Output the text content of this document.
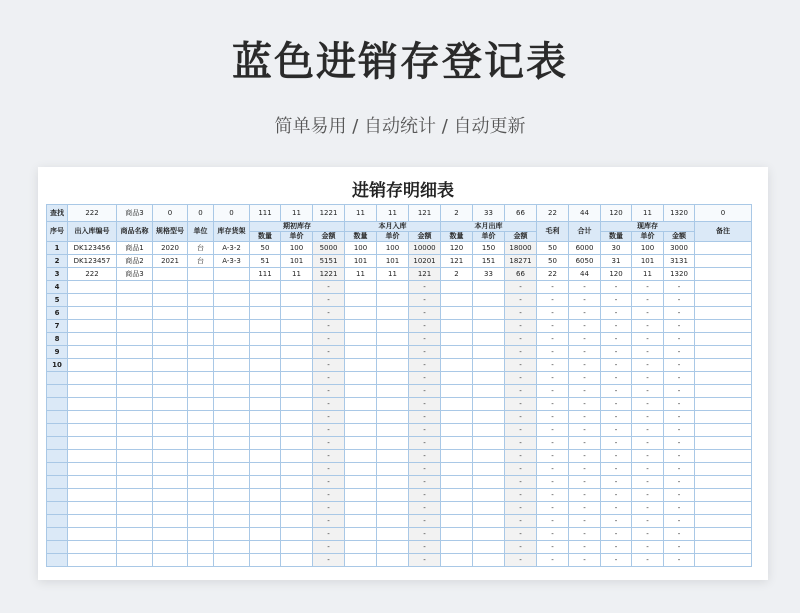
蓝色进销存登记表
简单易用 / 自动统计 / 自动更新
进销存明细表
查找	222	商品3	0	0	0	111	11	1221	11	11	121	2	33	66	22	44	120	11	1320	0
序号	出入库编号	商品名称	规格型号	单位	库存货架	期初库存			本月入库			本月出库			毛利	合计	现库存			备注
						数量	单价	金额	数量	单价	金额	数量	单价	金额			数量	单价	金额	
1	DK123456	商品1	2020	台	A-3-2	50	100	5000	100	100	10000	120	150	18000	50	6000	30	100	3000	
2	DK123457	商品2	2021	台	A-3-3	51	101	5151	101	101	10201	121	151	18271	50	6050	31	101	3131	
3	222	商品3				111	11	1221	11	11	121	2	33	66	22	44	120	11	1320	
4								-			-			-	-	-	-	-	-	
5								-			-			-	-	-	-	-	-	
6								-			-			-	-	-	-	-	-	
7								-			-			-	-	-	-	-	-	
8								-			-			-	-	-	-	-	-	
9								-			-			-	-	-	-	-	-	
10								-			-			-	-	-	-	-	-	
								-			-			-	-	-	-	-	-	
								-			-			-	-	-	-	-	-	
								-			-			-	-	-	-	-	-	
								-			-			-	-	-	-	-	-	
								-			-			-	-	-	-	-	-	
								-			-			-	-	-	-	-	-	
								-			-			-	-	-	-	-	-	
								-			-			-	-	-	-	-	-	
								-			-			-	-	-	-	-	-	
								-			-			-	-	-	-	-	-	
								-			-			-	-	-	-	-	-	
								-			-			-	-	-	-	-	-	
								-			-			-	-	-	-	-	-	
								-			-			-	-	-	-	-	-	
								-			-			-	-	-	-	-	-	
